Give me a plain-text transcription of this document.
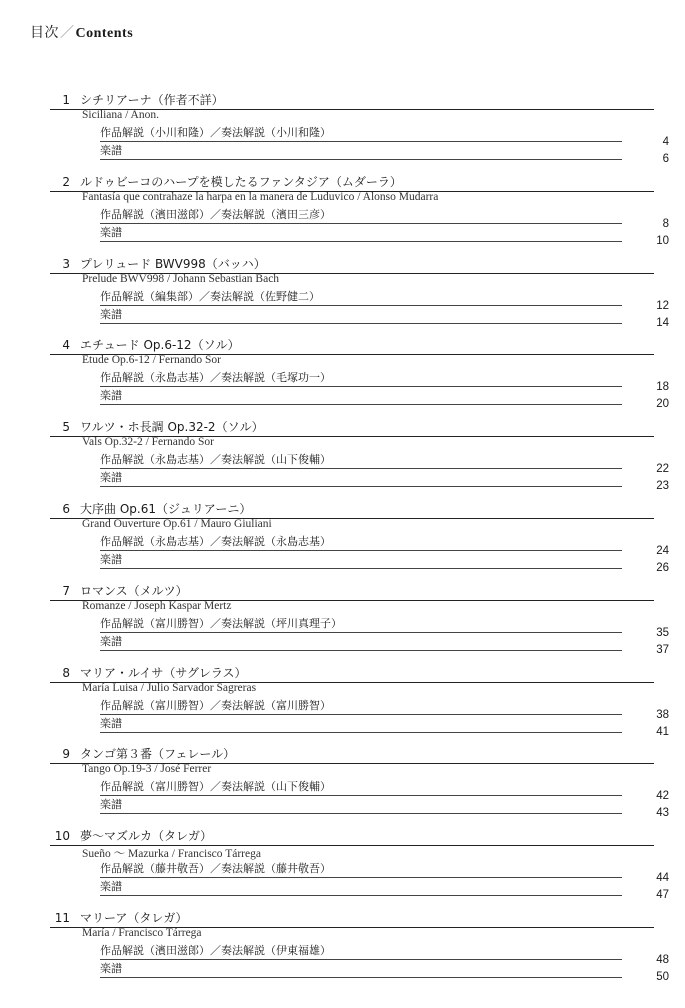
目次／Contents
1 シチリアーナ（作者不詳）
Siciliana / Anon.
作品解説（小川和隆）／奏法解説（小川和隆）
4
楽譜
6
2 ルドゥビーコのハープを模したるファンタジア（ムダーラ）
Fantasía que contrahaze la harpa en la manera de Luduvico / Alonso Mudarra
作品解説（濱田滋郎）／奏法解説（濱田三彦）
8
楽譜
10
3 プレリュード BWV998（バッハ）
Prelude BWV998 / Johann Sebastian Bach
作品解説（編集部）／奏法解説（佐野健二）
12
楽譜
14
4 エチュード Op.6-12（ソル）
Etude Op.6-12 / Fernando Sor
作品解説（永島志基）／奏法解説（毛塚功一）
18
楽譜
20
5 ワルツ・ホ長調 Op.32-2（ソル）
Vals Op.32-2 / Fernando Sor
作品解説（永島志基）／奏法解説（山下俊輔）
22
楽譜
23
6 大序曲 Op.61（ジュリアーニ）
Grand Ouverture Op.61 / Mauro Giuliani
作品解説（永島志基）／奏法解説（永島志基）
24
楽譜
26
7 ロマンス（メルツ）
Romanze / Joseph Kaspar Mertz
作品解説（富川勝智）／奏法解説（坪川真理子）
35
楽譜
37
8 マリア・ルイサ（サグレラス）
María Luisa / Julio Sarvador Sagreras
作品解説（富川勝智）／奏法解説（富川勝智）
38
楽譜
41
9 タンゴ第３番（フェレール）
Tango Op.19-3 / José Ferrer
作品解説（富川勝智）／奏法解説（山下俊輔）
42
楽譜
43
10 夢〜マズルカ（タレガ）
Sueño 〜 Mazurka / Francisco Tárrega
作品解説（藤井敬吾）／奏法解説（藤井敬吾）
44
楽譜
47
11 マリーア（タレガ）
María / Francisco Tárrega
作品解説（濱田滋郎）／奏法解説（伊東福雄）
48
楽譜
50
